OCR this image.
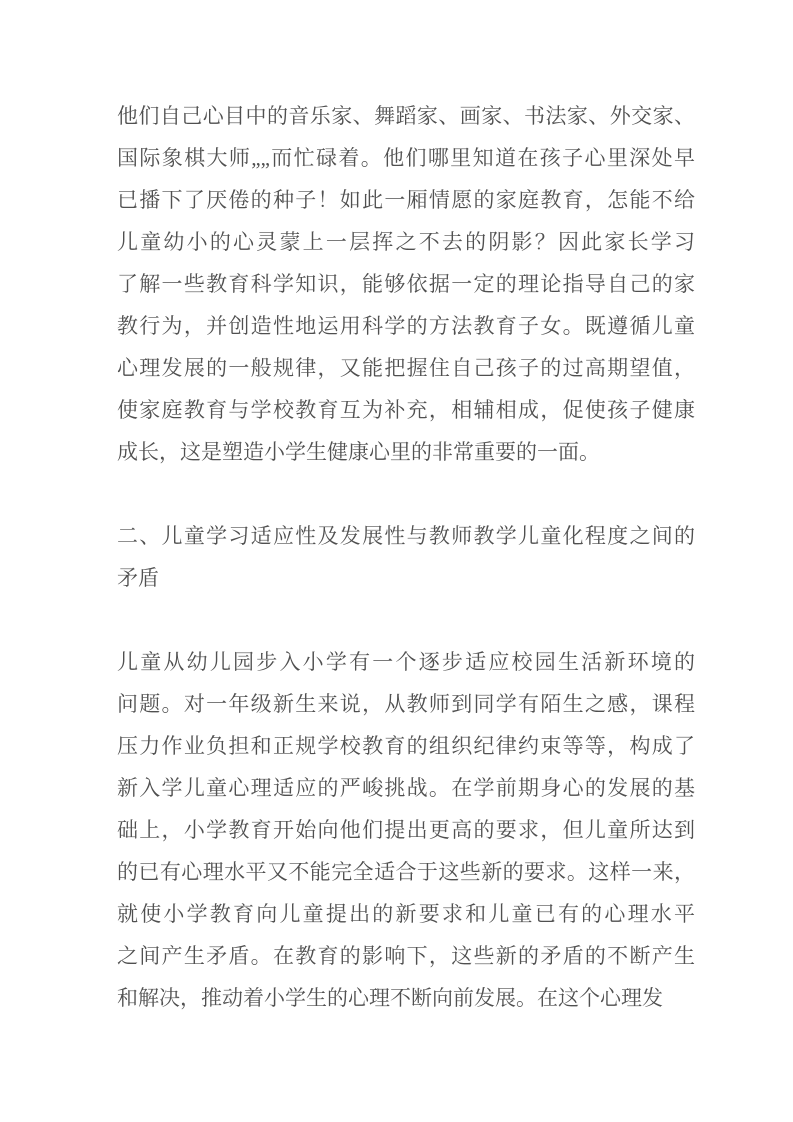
他们自己心目中的音乐家、舞蹈家、画家、书法家、外交家、
国际象棋大师„„而忙碌着。他们哪里知道在孩子心里深处早
已播下了厌倦的种子！如此一厢情愿的家庭教育，怎能不给
儿童幼小的心灵蒙上一层挥之不去的阴影？因此家长学习
了解一些教育科学知识，能够依据一定的理论指导自己的家
教行为，并创造性地运用科学的方法教育子女。既遵循儿童
心理发展的一般规律，又能把握住自己孩子的过高期望值，
使家庭教育与学校教育互为补充，相辅相成，促使孩子健康
成长，这是塑造小学生健康心里的非常重要的一面。
二、儿童学习适应性及发展性与教师教学儿童化程度之间的
矛盾
儿童从幼儿园步入小学有一个逐步适应校园生活新环境的
问题。对一年级新生来说，从教师到同学有陌生之感，课程
压力作业负担和正规学校教育的组织纪律约束等等，构成了
新入学儿童心理适应的严峻挑战。在学前期身心的发展的基
础上，小学教育开始向他们提出更高的要求，但儿童所达到
的已有心理水平又不能完全适合于这些新的要求。这样一来，
就使小学教育向儿童提出的新要求和儿童已有的心理水平
之间产生矛盾。在教育的影响下，这些新的矛盾的不断产生
和解决，推动着小学生的心理不断向前发展。在这个心理发
